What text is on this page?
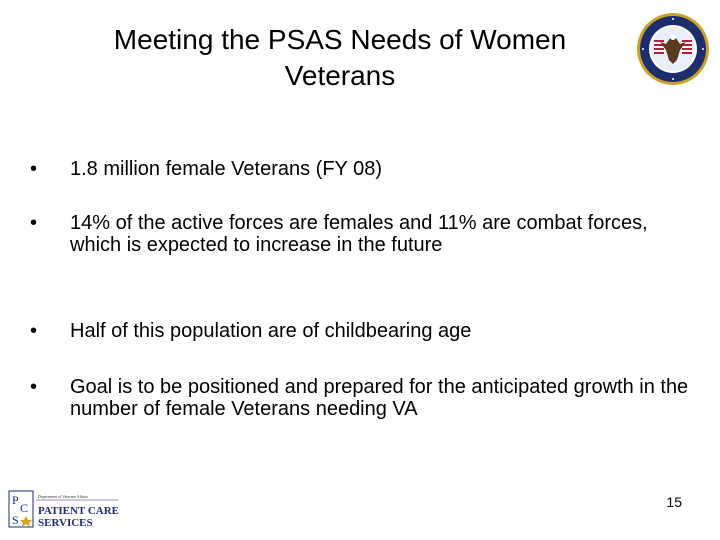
Meeting the PSAS Needs of Women
Veterans
•	1.8 million female Veterans (FY 08)
•	14% of the active forces are females and 11% are combat forces, which is expected to increase in the future
•	Half of this population are of childbearing age
•	Goal is to be positioned and prepared for the anticipated growth in the number of female Veterans needing VA
P
C
S
Department of Veterans Affairs
PATIENT CARE
SERVICES
15
